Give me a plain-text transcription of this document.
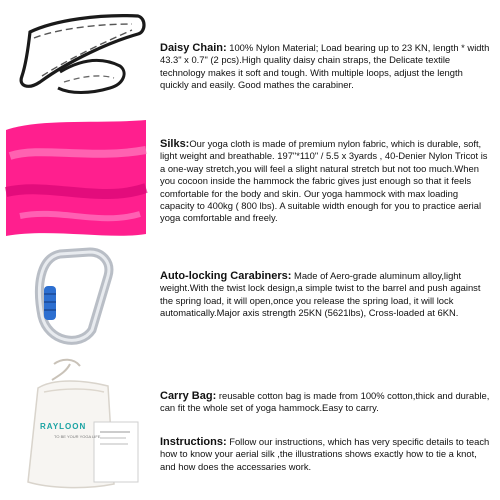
Daisy Chain: 100% Nylon Material; Load bearing up to 23 KN, length * width 43.3" x 0.7" (2 pcs).High quality daisy chain straps, the Delicate textile technology makes it soft and tough. With multiple loops, adjust the length quickly and easily. Good mathes the carabiner.
Silks:Our yoga cloth is made of premium nylon fabric, which is durable, soft, light weight and breathable. 197"*110" / 5.5 x 3yards , 40-Denier Nylon Tricot is a one-way stretch,you will feel a slight natural stretch but not too much.When you cocoon inside the hammock the fabric gives just enough so that it feels comfortable for the body and skin. Our yoga hammock with max loading capacity to 400kg ( 800 lbs). A suitable width enough for you to practice aerial yoga comfortable and freely.
Auto-locking Carabiners: Made of Aero-grade aluminum alloy,light weight.With the twist lock design,a simple twist to the barrel and push against the spring load, it will open,once you release the spring load, it will lock automatically.Major axis strength 25KN (5621lbs), Cross-loaded at 6KN.
RAYLOON
TO BE YOUR YOGA LIFE
Carry Bag: reusable cotton bag is made from 100% cotton,thick and durable, can fit the whole set of yoga hammock.Easy to carry.
Instructions: Follow our instructions, which has very specific details to teach how to know your aerial silk ,the illustrations shows exactly how to tie a knot, and how does the accessaries work.
